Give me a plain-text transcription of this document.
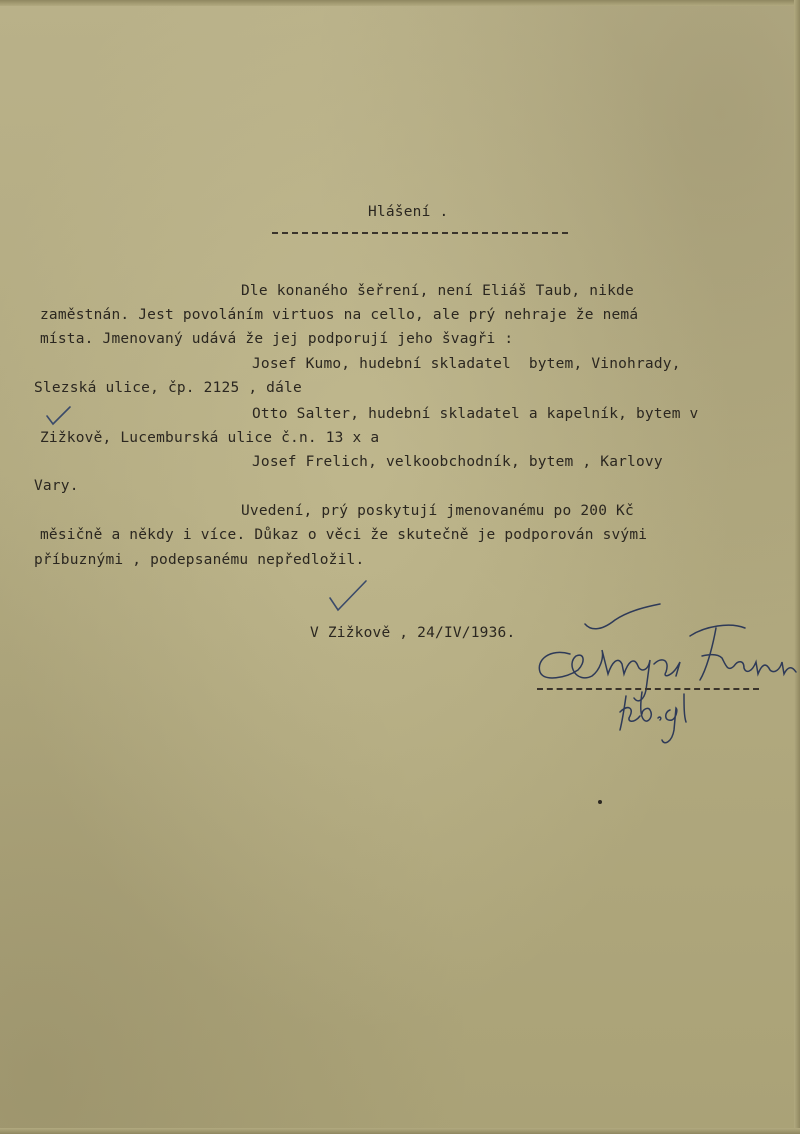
Hlášení .

Dle konaného šeřrení, není Eliáš Taub, nikde

zaměstnán. Jest povoláním virtuos na cello, ale prý nehraje že nemá

místa. Jmenovaný udává že jej podporují jeho švagři :

Josef Kumo, hudební skladatel  bytem, Vinohrady,

Slezská ulice, čp. 2125 , dále

Otto Salter, hudební skladatel a kapelník, bytem v

Zižkově, Lucemburská ulice č.n. 13 x a

Josef Frelich, velkoobchodník, bytem , Karlovy

Vary.

Uvedení, prý poskytují jmenovanému po 200 Kč

měsičně a někdy i více. Důkaz o věci že skutečně je podporován svými

příbuznými , podepsanému nepředložil.

V Zižkově , 24/IV/1936.
